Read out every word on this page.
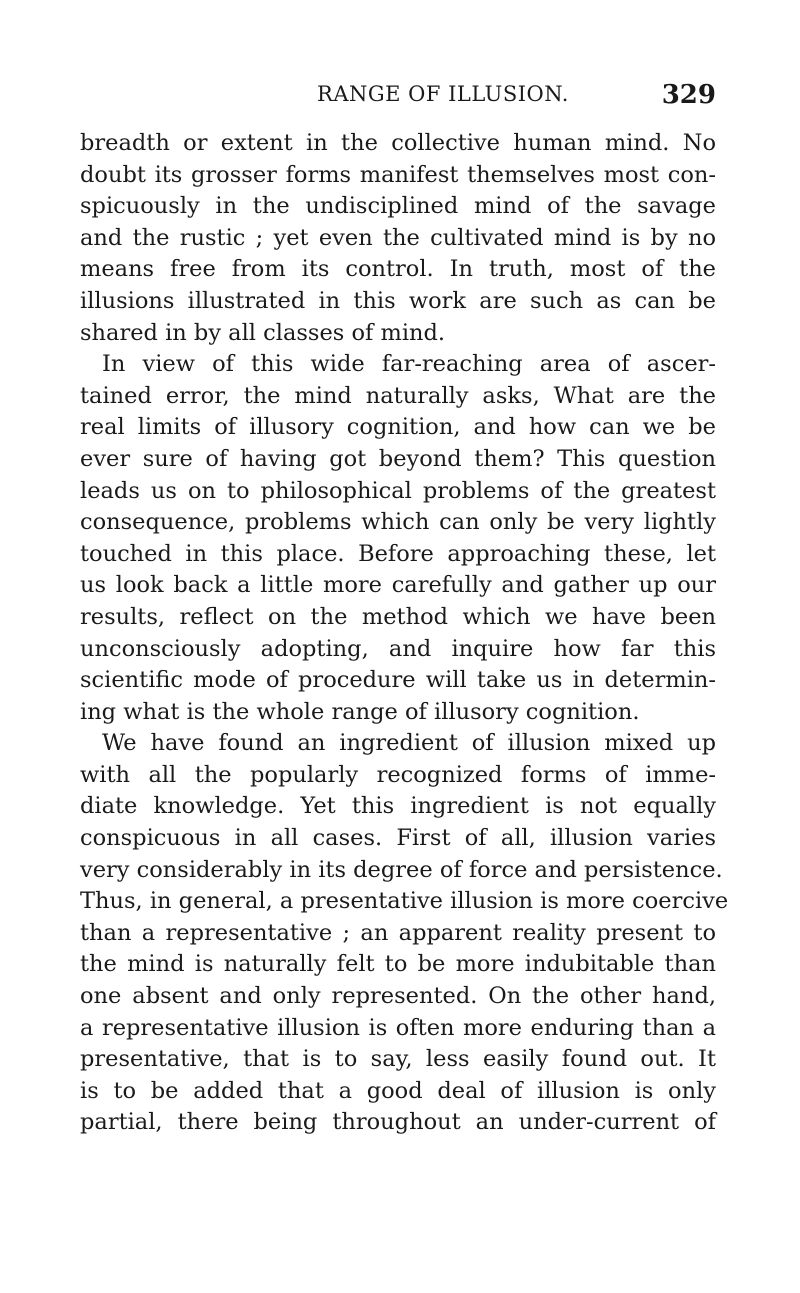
RANGE OF ILLUSION.	329
breadth or extent in the collective human mind. No
doubt its grosser forms manifest themselves most con-
spicuously in the undisciplined mind of the savage
and the rustic ; yet even the cultivated mind is by no
means free from its control. In truth, most of the
illusions illustrated in this work are such as can be
shared in by all classes of mind.
In view of this wide far-reaching area of ascer-
tained error, the mind naturally asks, What are the
real limits of illusory cognition, and how can we be
ever sure of having got beyond them? This question
leads us on to philosophical problems of the greatest
consequence, problems which can only be very lightly
touched in this place. Before approaching these, let
us look back a little more carefully and gather up our
results, reflect on the method which we have been
unconsciously adopting, and inquire how far this
scientific mode of procedure will take us in determin-
ing what is the whole range of illusory cognition.
We have found an ingredient of illusion mixed up
with all the popularly recognized forms of imme-
diate knowledge. Yet this ingredient is not equally
conspicuous in all cases. First of all, illusion varies
very considerably in its degree of force and persistence.
Thus, in general, a presentative illusion is more coercive
than a representative ; an apparent reality present to
the mind is naturally felt to be more indubitable than
one absent and only represented. On the other hand,
a representative illusion is often more enduring than a
presentative, that is to say, less easily found out. It
is to be added that a good deal of illusion is only
partial, there being throughout an under-current of
